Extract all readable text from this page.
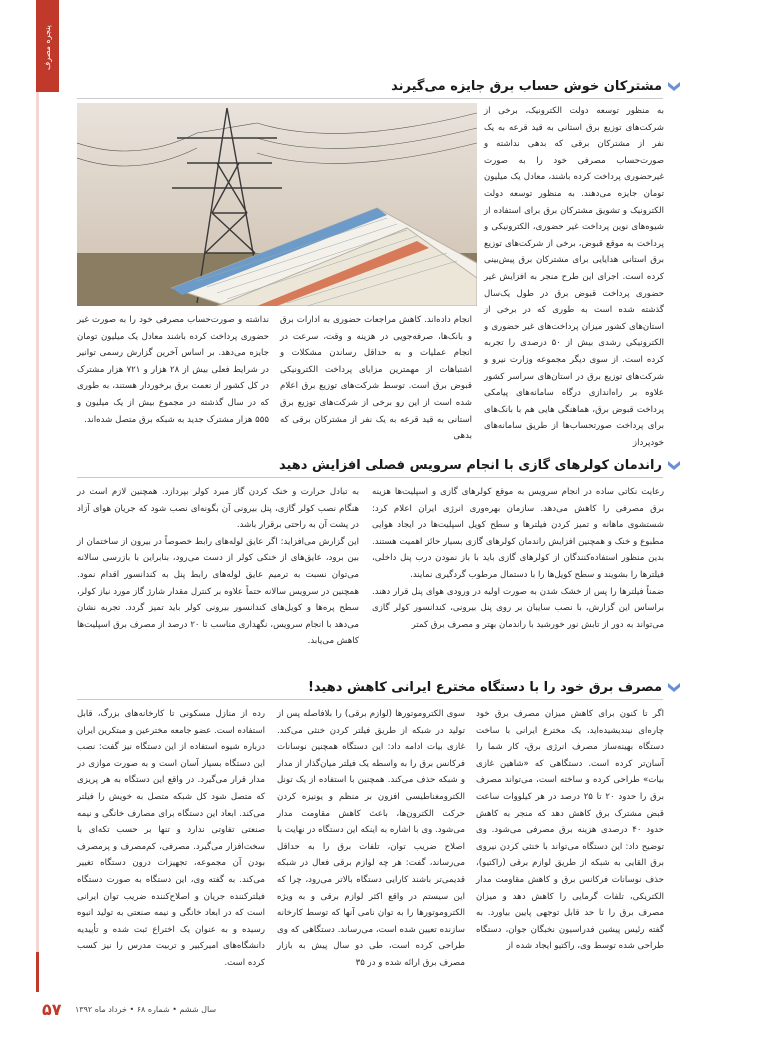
پنجره مصرف
مشترکان خوش حساب برق جایزه می‌گیرند

به منظور توسعه دولت الکترونیک، برخی از شرکت‌های توزیع برق استانی به قید قرعه به یک نفر از مشترکان برقی که بدهی نداشته و صورت‌حساب مصرفی خود را به صورت غیرحضوری پرداخت کرده باشند، معادل یک میلیون تومان جایزه می‌دهند. به منظور توسعه دولت الکترونیک و تشویق مشترکان برق برای استفاده از شیوه‌های نوین پرداخت غیر حضوری، الکترونیکی و پرداخت به موقع قبوض، برخی از شرکت‌های توزیع برق استانی هدایایی برای مشترکان برق پیش‌بینی کرده است. اجرای این طرح منجر به افزایش غیر حضوری پرداخت قبوض برق در طول یک‌سال گذشته شده است به طوری که در برخی از استان‌های کشور میزان پرداخت‌های غیر حضوری و الکترونیکی رشدی بیش از ۵۰ درصدی را تجربه کرده است. از سوی دیگر مجموعه وزارت نیرو و شرکت‌های توزیع برق در استان‌های سراسر کشور علاوه بر راه‌اندازی درگاه سامانه‌های پیامکی پرداخت قبوض برق، هماهنگی هایی هم با بانک‌های برای پرداخت صورتحساب‌ها از طریق سامانه‌های خودپرداز

انجام داده‌اند. کاهش مراجعات حضوری به ادارات برق و بانک‌ها، صرفه‌جویی در هزینه و وقت، سرعت در انجام عملیات و به حداقل رساندن مشکلات و اشتباهات از مهمترین مزایای پرداخت الکترونیکی قبوض برق است. توسط شرکت‌های توزیع برق اعلام شده است از این رو برخی از شرکت‌های توزیع برق استانی به قید قرعه به یک نفر از مشترکان برقی که بدهی

نداشته و صورت‌حساب مصرفی خود را به صورت غیر حضوری پرداخت کرده باشند معادل یک میلیون تومان جایزه می‌دهد. بر اساس آخرین گزارش رسمی توانیر در شرایط فعلی بیش از ۲۸ هزار و ۷۲۱ هزار مشترک در کل کشور از نعمت برق برخوردار هستند، به طوری که در سال گذشته در مجموع بیش از یک میلیون و ۵۵۵ هزار مشترک جدید به شبکه برق متصل شده‌اند.

راندمان کولرهای گازی با انجام سرویس فصلی افزایش دهید

رعایت نکاتی ساده در انجام سرویس به موقع کولرهای گازی و اسپلیت‌ها هزینه برق مصرفی را کاهش می‌دهد. سازمان بهره‌وری انرژی ایران اعلام کرد: شستشوی ماهانه و تمیز کردن فیلترها و سطح کویل اسپلیت‌ها در ایجاد هوایی مطبوع و خنک و همچنین افزایش راندمان کولرهای گازی بسیار حائز اهمیت هستند. بدین منظور استفاده‌کنندگان از کولرهای گازی باید با باز نمودن درب پنل داخلی، فیلترها را بشویند و سطح کویل‌ها را با دستمال مرطوب گردگیری نمایند.

ضمناً فیلترها را پس از خشک شدن به صورت اولیه در ورودی هوای پنل قرار دهند. براساس این گزارش، با نصب سایبان بر روی پنل بیرونی، کندانسور کولر گازی می‌تواند به دور از تابش نور خورشید با راندمان بهتر و مصرف برق کمتر

به تبادل حرارت و خنک کردن گاز مبرد کولر بپردازد. همچنین لازم است در هنگام نصب کولر گازی، پنل بیرونی آن بگونه‌ای نصب شود که جریان هوای آزاد در پشت آن به راحتی برقرار باشد.

این گزارش می‌افزاید: اگر عایق لوله‌های رابط خصوصاً در بیرون از ساختمان از بین برود، عایق‌های از خنکی کولر از دست می‌رود، بنابراین با بازرسی سالانه می‌توان نسبت به ترمیم عایق لوله‌های رابط پنل به کندانسور اقدام نمود. همچنین در سرویس سالانه حتماً علاوه بر کنترل مقدار شارژ گاز مورد نیاز کولر، سطح پره‌ها و کویل‌های کندانسور بیرونی کولر باید تمیز گردد. تجربه نشان می‌دهد با انجام سرویس، نگهداری مناسب تا ۲۰ درصد از مصرف برق اسپلیت‌ها کاهش می‌یابد.

مصرف برق خود را با دستگاه مخترع ایرانی کاهش دهید!

اگر تا کنون برای کاهش میزان مصرف برق خود چاره‌ای نیندیشیده‌اید، یک مخترع ایرانی با ساخت دستگاه بهینه‌ساز مصرف انرژی برق، کار شما را آسان‌تر کرده است. دستگاهی که «شاهین غازی بیات» طراحی کرده و ساخته است، می‌تواند مصرف برق را حدود ۲۰ تا ۲۵ درصد در هر کیلووات ساعت قبض مشترک برق کاهش دهد که منجر به کاهش حدود ۴۰ درصدی هزینه برق مصرفی می‌شود. وی توضیح داد: این دستگاه می‌تواند با خنثی کردن نیروی برق القایی به شبکه از طریق لوازم برقی (راکتیو)، حذف نوسانات فرکانس برق و کاهش مقاومت مدار الکتریکی، تلفات گرمایی را کاهش دهد و میزان مصرف برق را تا حد قابل توجهی پایین بیاورد. به گفته رئیس پیشین فدراسیون نخبگان جوان، دستگاه طراحی شده توسط وی، راکتیو ایجاد شده از

سوی الکتروموتورها (لوازم برقی) را بلافاصله پس از تولید در شبکه از طریق فیلتر کردن خنثی می‌کند. غازی بیات ادامه داد: این دستگاه همچنین نوسانات فرکانس برق را به واسطه یک فیلتر میان‌گذار از مدار و شبکه حذف می‌کند. همچنین با استفاده از یک تونل الکترومغناطیسی افزون بر منظم و یونیزه کردن حرکت الکترون‌ها، باعث کاهش مقاومت مدار می‌شود. وی با اشاره به اینکه این دستگاه در نهایت با اصلاح ضریب توان، تلفات برق را به حداقل می‌رساند، گفت: هر چه لوازم برقی فعال در شبکه قدیمی‌تر باشند کارایی دستگاه بالاتر می‌رود، چرا که این سیستم در واقع اکثر لوازم برقی و به ویژه الکتروموتورها را به توان نامی آنها که توسط کارخانه سازنده تعیین شده است، می‌رساند. دستگاهی که وی طراحی کرده است، طی دو سال پیش به بازار مصرف برق ارائه شده و در ۳۵

رده از منازل مسکونی تا کارخانه‌های بزرگ، قابل استفاده است. عضو جامعه مخترعین و مبتکرین ایران درباره شیوه استفاده از این دستگاه نیز گفت: نصب این دستگاه بسیار آسان است و به صورت موازی در مدار قرار می‌گیرد. در واقع این دستگاه به هر پریزی که متصل شود کل شبکه متصل به خویش را فیلتر می‌کند. ابعاد این دستگاه برای مصارف خانگی و نیمه صنعتی تفاوتی ندارد و تنها بر حسب تکه‌ای با سخت‌افزار می‌گیرد. مصرفی، کم‌مصرف و پرمصرف بودن آن مجموعه، تجهیزات درون دستگاه تغییر می‌کند. به گفته وی، این دستگاه به صورت دستگاه فیلترکننده جریان و اصلاح‌کننده ضریب توان ایرانی است که در ابعاد خانگی و نیمه صنعتی به تولید انبوه رسیده و به عنوان یک اختراع ثبت شده و تأییدیه دانشگاه‌های امیرکبیر و تربیت مدرس را نیز کسب کرده است.

۵۷ سال ششم • شماره ۶۸ • خرداد ماه ۱۳۹۲
